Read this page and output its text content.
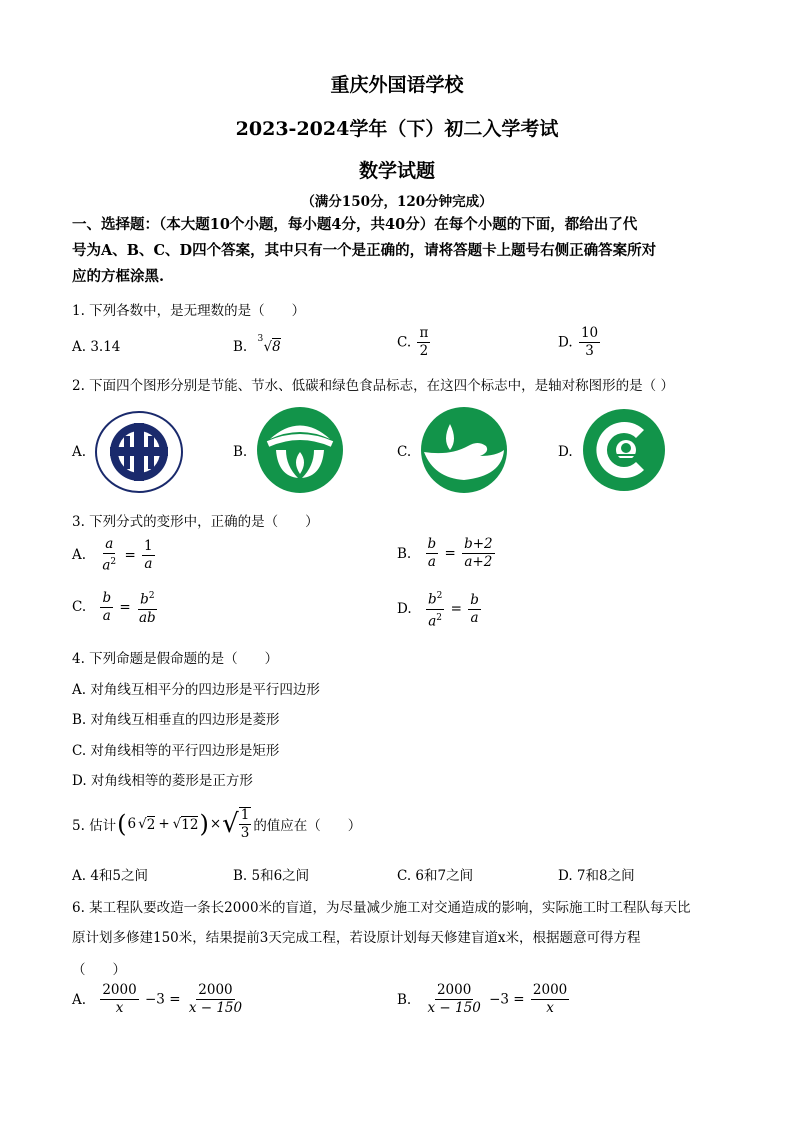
重庆外国语学校
2023-2024学年（下）初二入学考试
数学试题
（满分150分，120分钟完成）
一、选择题：（本大题10个小题，每小题4分，共40分）在每个小题的下面，都给出了代
号为A、B、C、D四个答案，其中只有一个是正确的，请将答题卡上题号右侧正确答案所对
应的方框涂黑.
1. 下列各数中，是无理数的是（　　）
A. 3.14	B. 3 √8	C. $\frac{\pi}{2}$	D. $\frac{10}{3}$
2. 下面四个图形分别是节能、节水、低碳和绿色食品标志，在这四个标志中，是轴对称图形的是（ ）
A.	B.	C.	D.
3. 下列分式的变形中，正确的是（　　）
A. $\frac{a}{a^2} = \frac{1}{a}$	B. $\frac{b}{a} = \frac{b+2}{a+2}$
C. $\frac{b}{a} = \frac{b^2}{ab}$	D. $\frac{b^2}{a^2} = \frac{b}{a}$
4. 下列命题是假命题的是（　　）
A. 对角线互相平分的四边形是平行四边形
B. 对角线互相垂直的四边形是菱形
C. 对角线相等的平行四边形是矩形
D. 对角线相等的菱形是正方形
5. 估计 ( 6 √ 2 + √ 12 ) × √ $\frac{1}{3}$ 的值应在（　　）
A. 4和5之间	B. 5和6之间	C. 6和7之间	D. 7和8之间
6. 某工程队要改造一条长2000米的盲道，为尽量减少施工对交通造成的影响，实际施工时工程队每天比
原计划多修建150米，结果提前3天完成工程，若设原计划每天修建盲道x米，根据题意可得方程
（　　）
A. $\frac{2000}{x} -3 = \frac{2000}{x - 150}$	B. $\frac{2000}{x - 150} -3 = \frac{2000}{x}$
